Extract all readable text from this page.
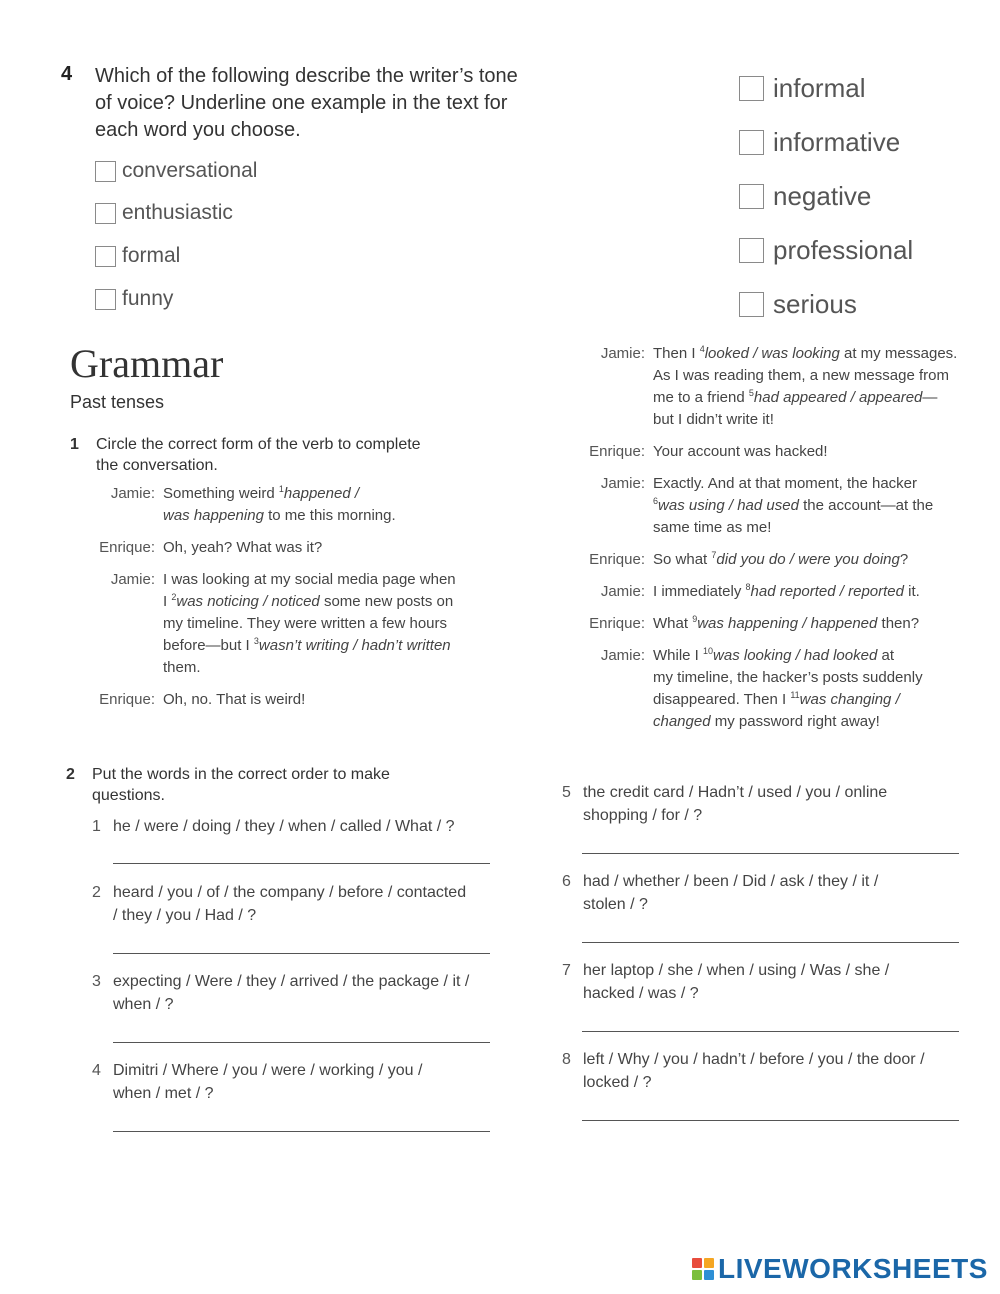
4 Which of the following describe the writer’s tone
of voice? Underline one example in the text for
each word you choose.
conversational
enthusiastic
formal
funny
informal
informative
negative
professional
serious
Grammar
Past tenses
1 Circle the correct form of the verb to complete
the conversation.
Jamie: Something weird $^1$happened /
was happening to me this morning.
Enrique: Oh, yeah? What was it?
Jamie: I was looking at my social media page when
I $^2$was noticing / noticed some new posts on
my timeline. They were written a few hours
before—but I $^3$wasn’t writing / hadn’t written
them.
Enrique: Oh, no. That is weird!
Jamie: Then I $^4$looked / was looking at my messages.
As I was reading them, a new message from
me to a friend $^5$had appeared / appeared—
but I didn’t write it!
Enrique: Your account was hacked!
Jamie: Exactly. And at that moment, the hacker
$^6$was using / had used the account—at the
same time as me!
Enrique: So what $^7$did you do / were you doing?
Jamie: I immediately $^8$had reported / reported it.
Enrique: What $^9$was happening / happened then?
Jamie: While I $^{10}$was looking / had looked at
my timeline, the hacker’s posts suddenly
disappeared. Then I $^{11}$was changing /
changed my password right away!
2 Put the words in the correct order to make
questions.
1 he / were / doing / they / when / called / What / ?
2 heard / you / of / the company / before / contacted
/ they / you / Had / ?
3 expecting / Were / they / arrived / the package / it /
when / ?
4 Dimitri / Where / you / were / working / you /
when / met / ?
5 the credit card / Hadn’t / used / you / online
shopping / for / ?
6 had / whether / been / Did / ask / they / it /
stolen / ?
7 her laptop / she / when / using / Was / she /
hacked / was / ?
8 left / Why / you / hadn’t / before / you / the door /
locked / ?
LIVEWORKSHEETS
